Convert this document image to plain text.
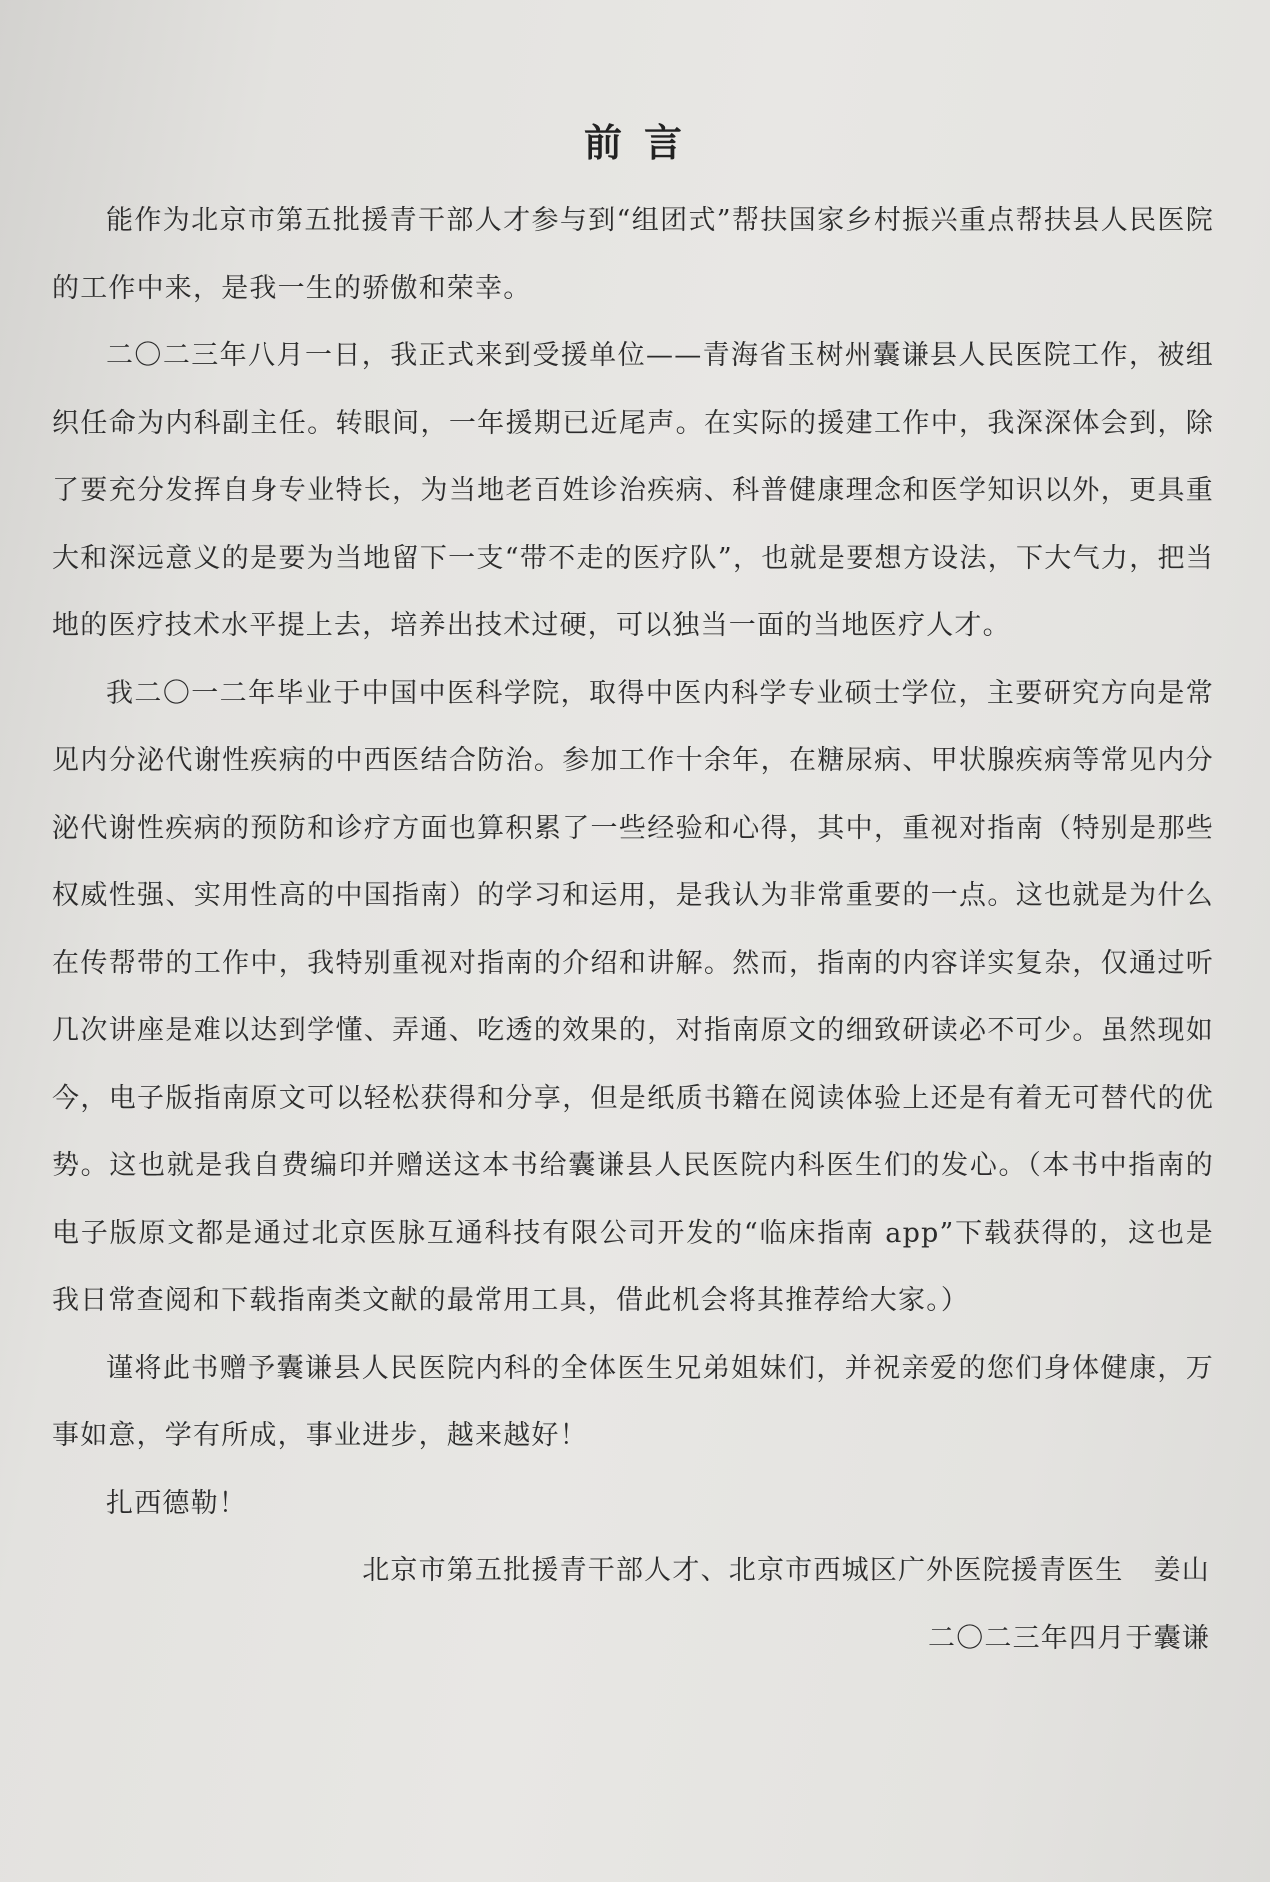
前言

能作为北京市第五批援青干部人才参与到“组团式”帮扶国家乡村振兴重点帮扶县人民医院的工作中来，是我一生的骄傲和荣幸。

二〇二三年八月一日，我正式来到受援单位——青海省玉树州囊谦县人民医院工作，被组织任命为内科副主任。转眼间，一年援期已近尾声。在实际的援建工作中，我深深体会到，除了要充分发挥自身专业特长，为当地老百姓诊治疾病、科普健康理念和医学知识以外，更具重大和深远意义的是要为当地留下一支“带不走的医疗队”，也就是要想方设法，下大气力，把当地的医疗技术水平提上去，培养出技术过硬，可以独当一面的当地医疗人才。

我二〇一二年毕业于中国中医科学院，取得中医内科学专业硕士学位，主要研究方向是常见内分泌代谢性疾病的中西医结合防治。参加工作十余年，在糖尿病、甲状腺疾病等常见内分泌代谢性疾病的预防和诊疗方面也算积累了一些经验和心得，其中，重视对指南（特别是那些权威性强、实用性高的中国指南）的学习和运用，是我认为非常重要的一点。这也就是为什么在传帮带的工作中，我特别重视对指南的介绍和讲解。然而，指南的内容详实复杂，仅通过听几次讲座是难以达到学懂、弄通、吃透的效果的，对指南原文的细致研读必不可少。虽然现如今，电子版指南原文可以轻松获得和分享，但是纸质书籍在阅读体验上还是有着无可替代的优势。这也就是我自费编印并赠送这本书给囊谦县人民医院内科医生们的发心。（本书中指南的电子版原文都是通过北京医脉互通科技有限公司开发的“临床指南 app”下载获得的，这也是我日常查阅和下载指南类文献的最常用工具，借此机会将其推荐给大家。）

谨将此书赠予囊谦县人民医院内科的全体医生兄弟姐妹们，并祝亲爱的您们身体健康，万事如意，学有所成，事业进步，越来越好！

扎西德勒！

北京市第五批援青干部人才、北京市西城区广外医院援青医生 姜山

二〇二三年四月于囊谦
